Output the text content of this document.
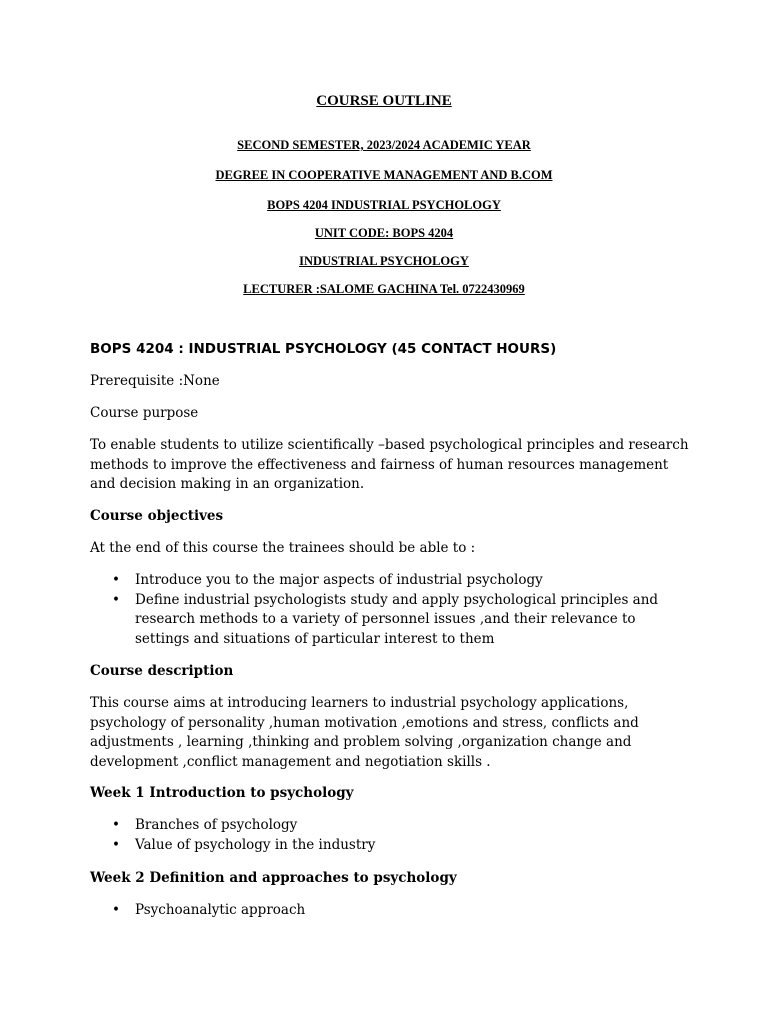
COURSE OUTLINE
SECOND SEMESTER, 2023/2024 ACADEMIC YEAR
DEGREE IN COOPERATIVE MANAGEMENT AND B.COM
BOPS 4204 INDUSTRIAL PSYCHOLOGY
UNIT CODE: BOPS 4204
INDUSTRIAL PSYCHOLOGY
LECTURER :SALOME GACHINA Tel. 0722430969
BOPS 4204 : INDUSTRIAL PSYCHOLOGY (45 CONTACT HOURS)
Prerequisite :None
Course purpose
To enable students to utilize scientifically –based psychological principles and research methods to improve the effectiveness and fairness of human resources management and decision making in an organization.
Course objectives
At the end of this course the trainees should be able to :
• Introduce you to the major aspects of industrial psychology
• Define industrial psychologists study and apply psychological principles and research methods to a variety of personnel issues ,and their relevance to settings and situations of particular interest to them
Course description
This course aims at introducing learners to industrial psychology applications, psychology of personality ,human motivation ,emotions and stress, conflicts and adjustments , learning ,thinking and problem solving ,organization change and development ,conflict management and negotiation skills .
Week 1 Introduction to psychology
• Branches of psychology
• Value of psychology in the industry
Week 2 Definition and approaches to psychology
• Psychoanalytic approach
